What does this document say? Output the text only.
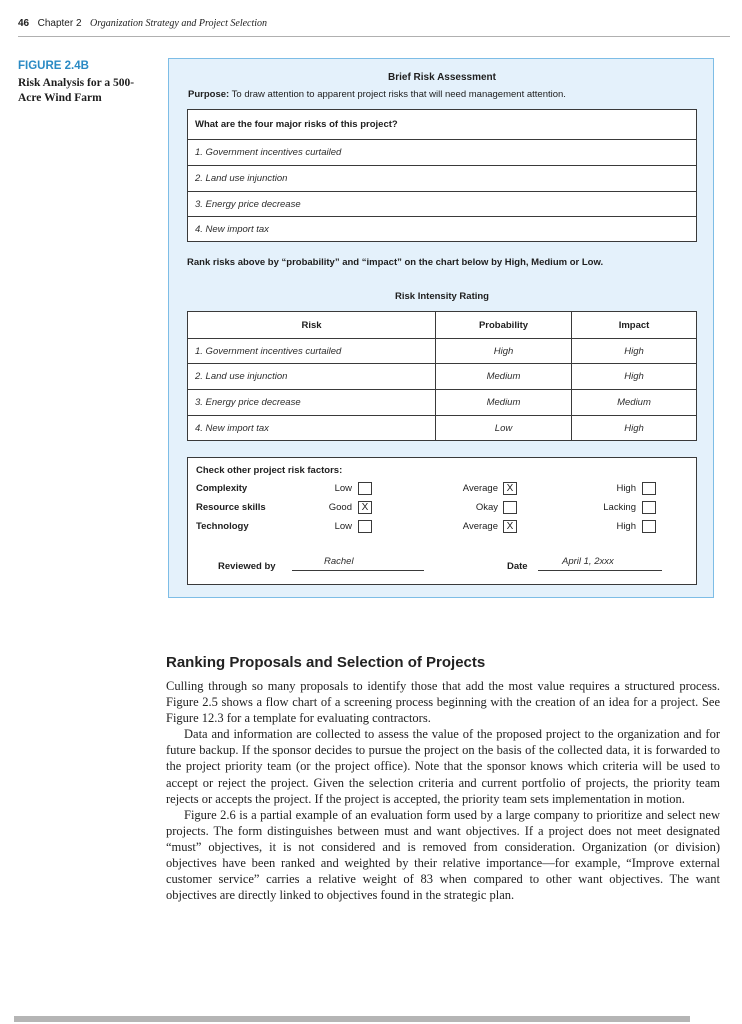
46 Chapter 2 Organization Strategy and Project Selection
FIGURE 2.4B
Risk Analysis for a 500-Acre Wind Farm
Brief Risk Assessment
Purpose: To draw attention to apparent project risks that will need management attention.
What are the four major risks of this project?
1. Government incentives curtailed
2. Land use injunction
3. Energy price decrease
4. New import tax
Rank risks above by “probability” and “impact” on the chart below by High, Medium or Low.
Risk Intensity Rating
Risk	Probability	Impact
1. Government incentives curtailed	High	High
2. Land use injunction	Medium	High
3. Energy price decrease	Medium	Medium
4. New import tax	Low	High
Check other project risk factors:
Complexity	Low	Average X	High
Resource skills	Good X	Okay	Lacking
Technology	Low	Average X	High
Reviewed by	Rachel	Date	April 1, 2xxx
Ranking Proposals and Selection of Projects

Culling through so many proposals to identify those that add the most value requires a structured process. Figure 2.5 shows a flow chart of a screening process beginning with the creation of an idea for a project. See Figure 12.3 for a template for evaluating contractors.

Data and information are collected to assess the value of the proposed project to the organization and for future backup. If the sponsor decides to pursue the project on the basis of the collected data, it is forwarded to the project priority team (or the project office). Note that the sponsor knows which criteria will be used to accept or reject the project. Given the selection criteria and current portfolio of projects, the priority team rejects or accepts the project. If the project is accepted, the priority team sets implementation in motion.

Figure 2.6 is a partial example of an evaluation form used by a large company to prioritize and select new projects. The form distinguishes between must and want objectives. If a project does not meet designated “must” objectives, it is not considered and is removed from consideration. Organization (or division) objectives have been ranked and weighted by their relative importance—for example, “Improve external customer service” carries a relative weight of 83 when compared to other want objectives. The want objectives are directly linked to objectives found in the strategic plan.
